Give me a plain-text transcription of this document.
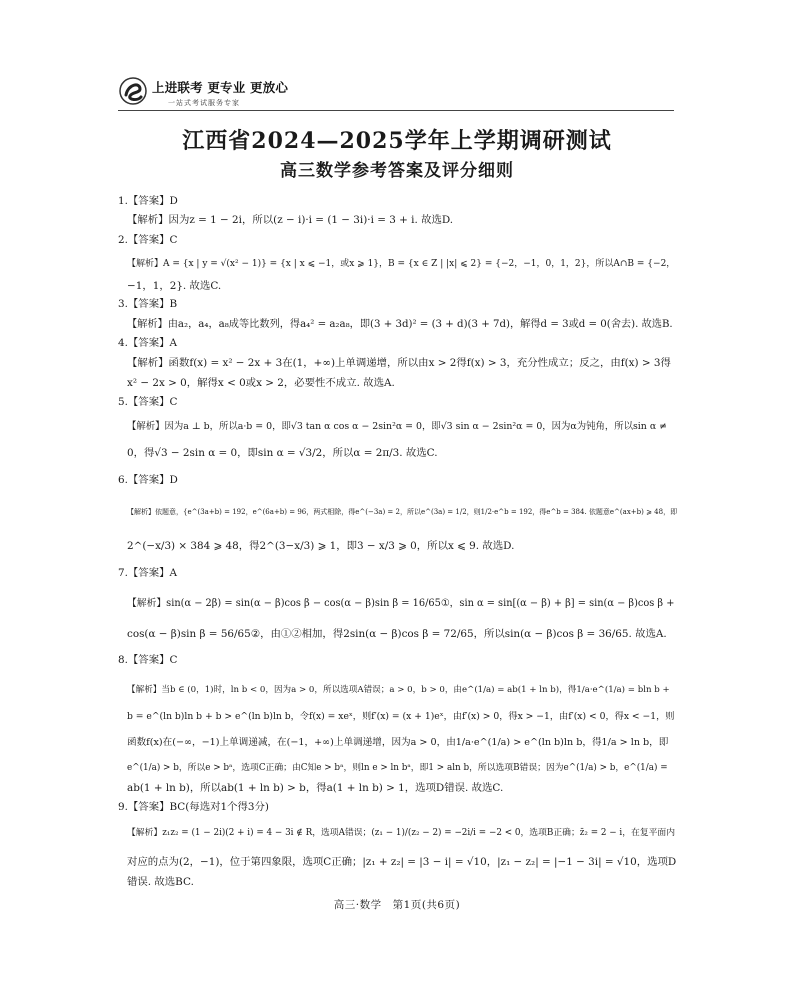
上进联考 更专业 更放心
一站式考试服务专家
江西省2024—2025学年上学期调研测试
高三数学参考答案及评分细则
1.【答案】D
【解析】因为z = 1 − 2i，所以(z − i)·i = (1 − 3i)·i = 3 + i. 故选D.
2.【答案】C
【解析】A = {x | y = √(x² − 1)} = {x | x ⩽ −1，或x ⩾ 1}，B = {x ∈ Z | |x| ⩽ 2} = {−2，−1，0，1，2}，所以A∩B = {−2，
−1，1，2}. 故选C.
3.【答案】B
【解析】由a₂，a₄，a₈成等比数列，得a₄² = a₂a₈，即(3 + 3d)² = (3 + d)(3 + 7d)，解得d = 3或d = 0(舍去). 故选B.
4.【答案】A
【解析】函数f(x) = x² − 2x + 3在(1，+∞)上单调递增，所以由x > 2得f(x) > 3，充分性成立；反之，由f(x) > 3得
x² − 2x > 0，解得x < 0或x > 2，必要性不成立. 故选A.
5.【答案】C
【解析】因为a ⊥ b，所以a·b = 0，即√3 tan α cos α − 2sin²α = 0，即√3 sin α − 2sin²α = 0，因为α为钝角，所以sin α ≠
0，得√3 − 2sin α = 0，即sin α = √3/2，所以α = 2π/3. 故选C.
6.【答案】D
【解析】依题意，{e^(3a+b) = 192，e^(6a+b) = 96，两式相除，得e^(−3a) = 2，所以e^(3a) = 1/2，则1/2·e^b = 192，得e^b = 384. 依题意e^(ax+b) ⩾ 48，即
2^(−x/3) × 384 ⩾ 48，得2^(3−x/3) ⩾ 1，即3 − x/3 ⩾ 0，所以x ⩽ 9. 故选D.
7.【答案】A
【解析】sin(α − 2β) = sin(α − β)cos β − cos(α − β)sin β = 16/65①，sin α = sin[(α − β) + β] = sin(α − β)cos β +
cos(α − β)sin β = 56/65②，由①②相加，得2sin(α − β)cos β = 72/65，所以sin(α − β)cos β = 36/65. 故选A.
8.【答案】C
【解析】当b ∈ (0，1)时，ln b < 0，因为a > 0，所以选项A错误；a > 0，b > 0，由e^(1/a) = ab(1 + ln b)，得1/a·e^(1/a) = bln b +
b = e^(ln b)ln b + b > e^(ln b)ln b，令f(x) = xeˣ，则f′(x) = (x + 1)eˣ，由f′(x) > 0，得x > −1，由f′(x) < 0，得x < −1，则
函数f(x)在(−∞，−1)上单调递减，在(−1，+∞)上单调递增，因为a > 0，由1/a·e^(1/a) > e^(ln b)ln b，得1/a > ln b，即
e^(1/a) > b，所以e > bᵃ，选项C正确；由C知e > bᵃ，则ln e > ln bᵃ，即1 > aln b，所以选项B错误；因为e^(1/a) > b，e^(1/a) =
ab(1 + ln b)，所以ab(1 + ln b) > b，得a(1 + ln b) > 1，选项D错误. 故选C.
9.【答案】BC(每选对1个得3分)
【解析】z₁z₂ = (1 − 2i)(2 + i) = 4 − 3i ∉ R，选项A错误；(z₁ − 1)/(z₂ − 2) = −2i/i = −2 < 0，选项B正确；z̄₂ = 2 − i，在复平面内
对应的点为(2，−1)，位于第四象限，选项C正确；|z₁ + z₂| = |3 − i| = √10，|z₁ − z₂| = |−1 − 3i| = √10，选项D
错误. 故选BC.
高三·数学　第1页(共6页)
